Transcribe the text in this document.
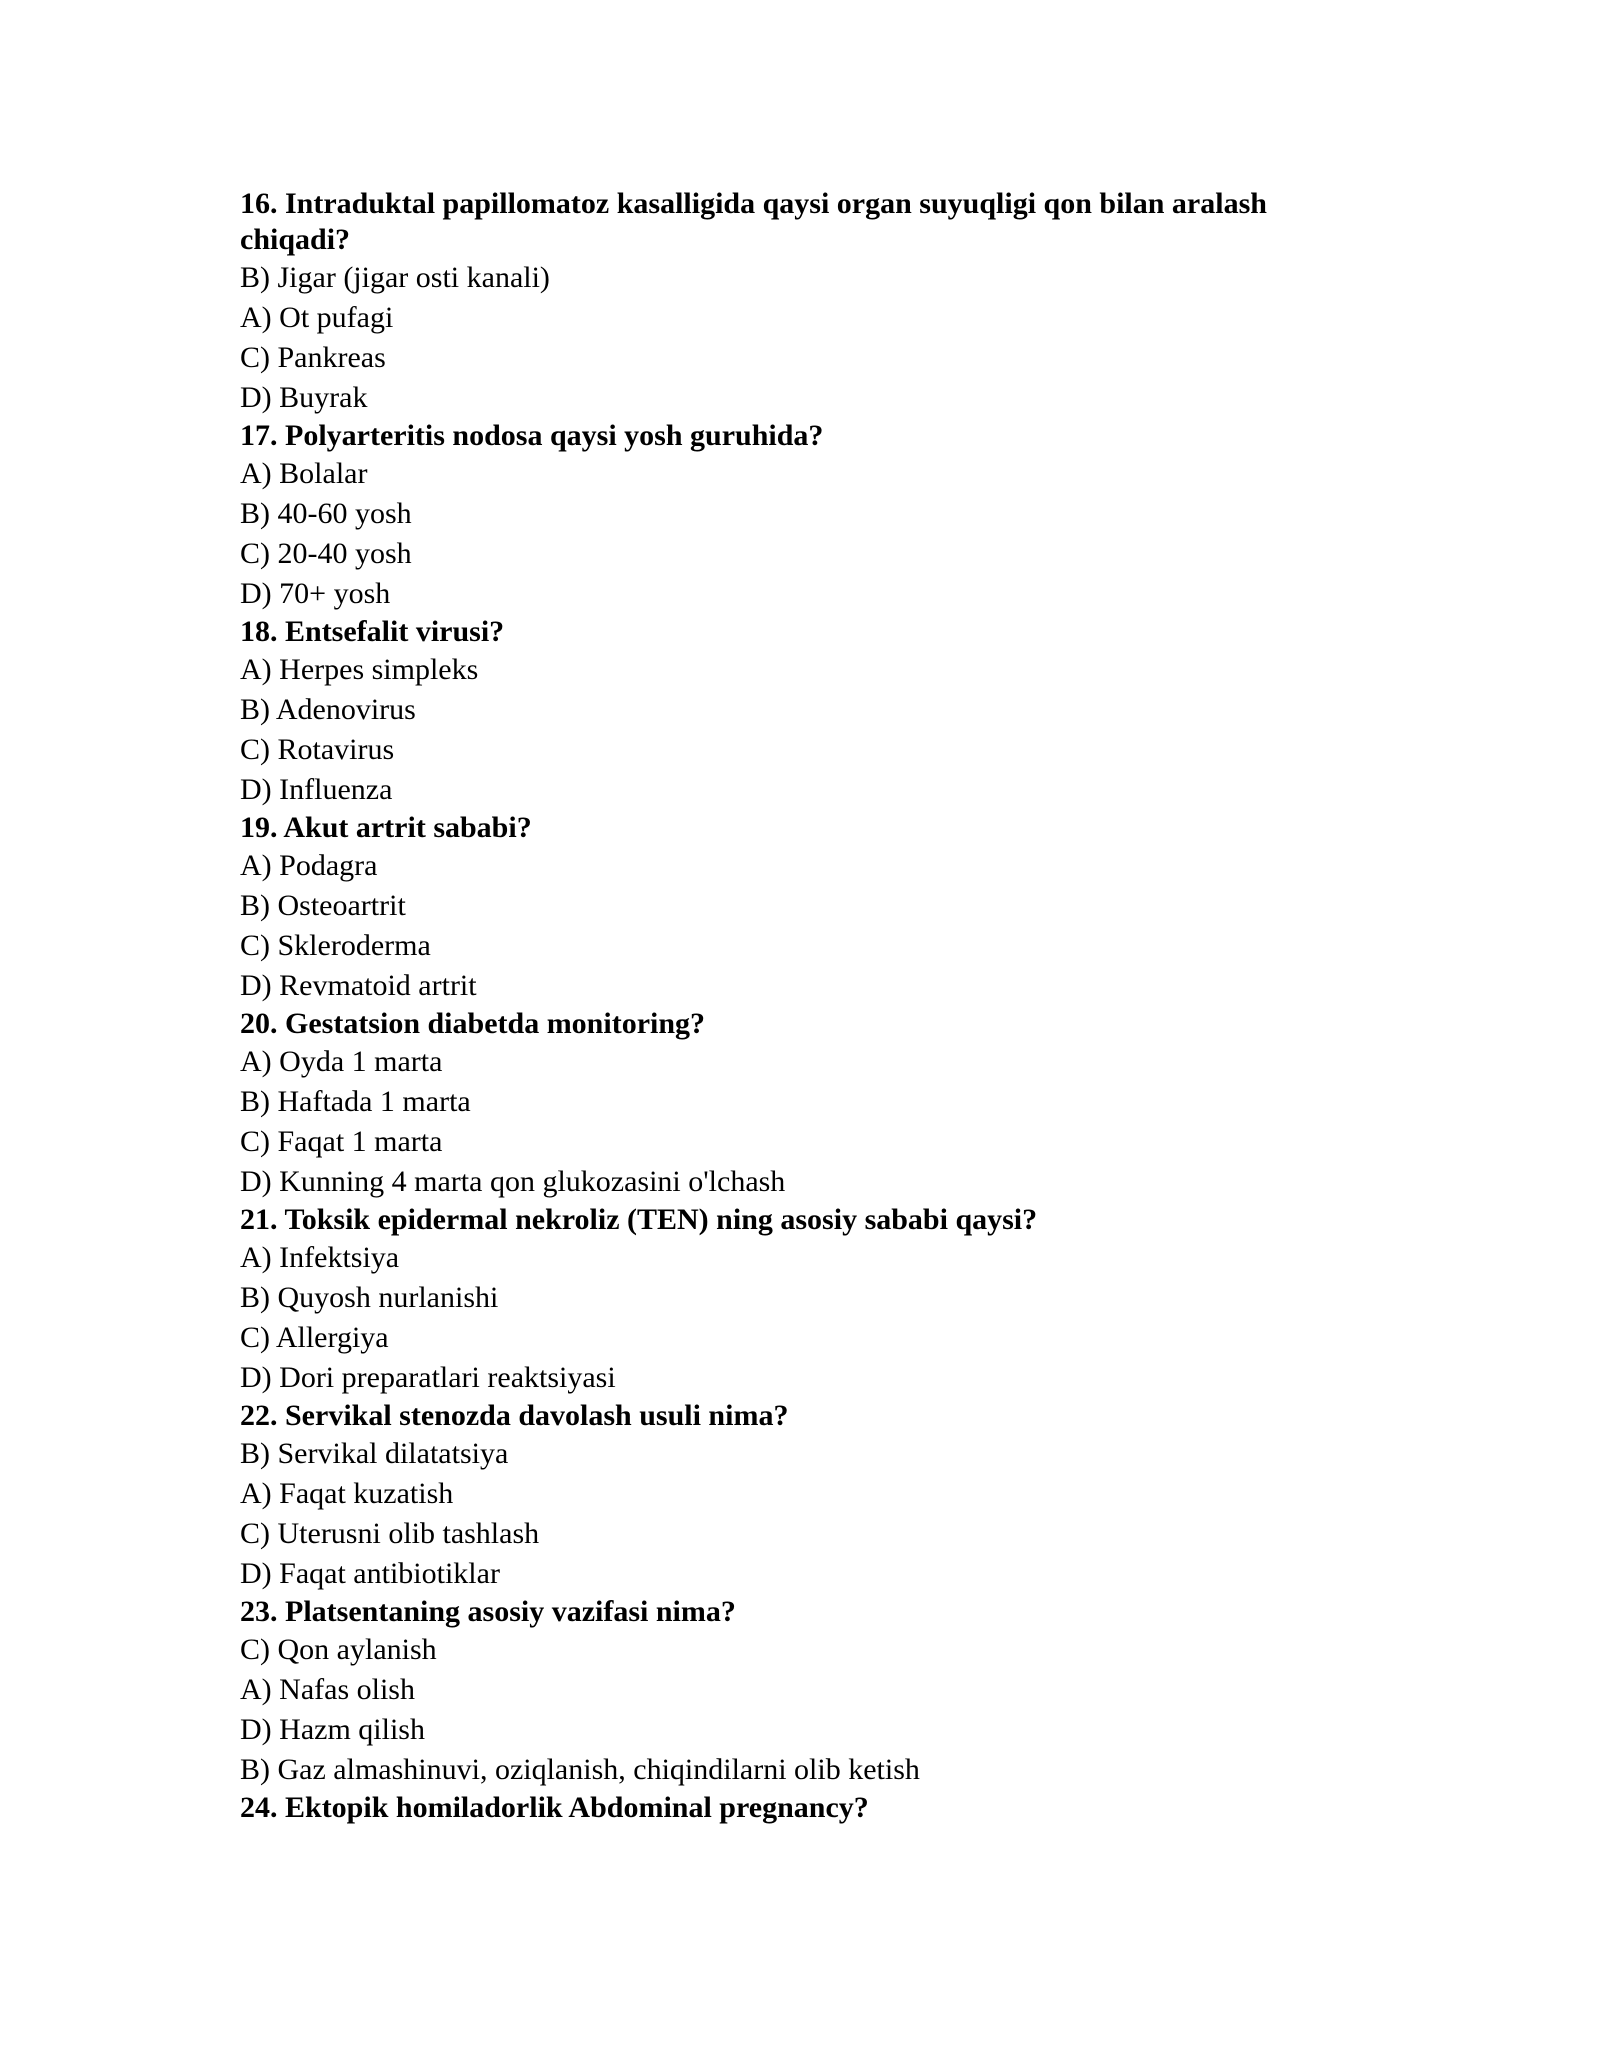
16. Intraduktal papillomatoz kasalligida qaysi organ suyuqligi qon bilan aralash chiqadi?
B) Jigar (jigar osti kanali)
A) Ot pufagi
C) Pankreas
D) Buyrak
17. Polyarteritis nodosa qaysi yosh guruhida?
A) Bolalar
B) 40-60 yosh
C) 20-40 yosh
D) 70+ yosh
18. Entsefalit virusi?
A) Herpes simpleks
B) Adenovirus
C) Rotavirus
D) Influenza
19. Akut artrit sababi?
A) Podagra
B) Osteoartrit
C) Skleroderma
D) Revmatoid artrit
20. Gestatsion diabetda monitoring?
A) Oyda 1 marta
B) Haftada 1 marta
C) Faqat 1 marta
D) Kunning 4 marta qon glukozasini o'lchash
21. Toksik epidermal nekroliz (TEN) ning asosiy sababi qaysi?
A) Infektsiya
B) Quyosh nurlanishi
C) Allergiya
D) Dori preparatlari reaktsiyasi
22. Servikal stenozda davolash usuli nima?
B) Servikal dilatatsiya
A) Faqat kuzatish
C) Uterusni olib tashlash
D) Faqat antibiotiklar
23. Platsentaning asosiy vazifasi nima?
C) Qon aylanish
A) Nafas olish
D) Hazm qilish
B) Gaz almashinuvi, oziqlanish, chiqindilarni olib ketish
24. Ektopik homiladorlik Abdominal pregnancy?
